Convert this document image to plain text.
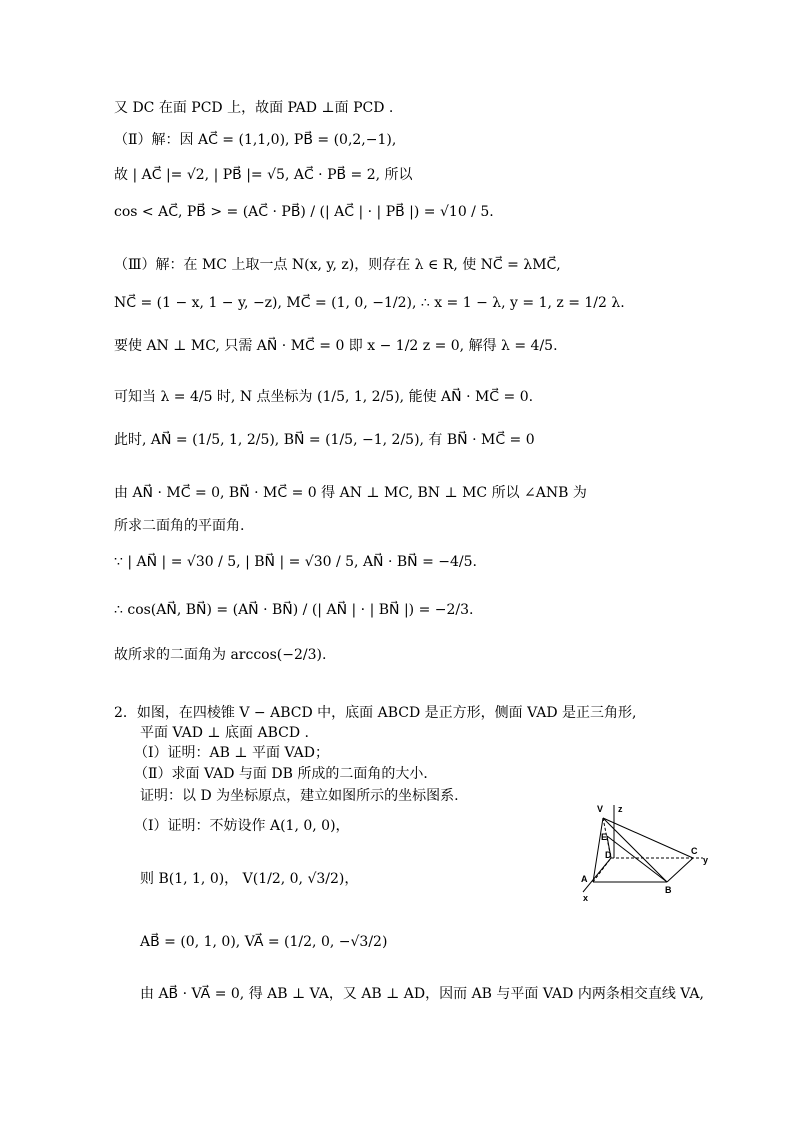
又 DC 在面 PCD 上，故面 PAD ⊥面 PCD .
（Ⅱ）解：因 AC⃗ = (1,1,0), PB⃗ = (0,2,−1),
故 | AC⃗ |= √2, | PB⃗ |= √5, AC⃗ · PB⃗ = 2, 所以
cos < AC⃗, PB⃗ > = (AC⃗ · PB⃗) / (| AC⃗ | · | PB⃗ |) = √10 / 5.
（Ⅲ）解：在 MC 上取一点 N(x, y, z)，则存在 λ ∈ R, 使 NC⃗ = λMC⃗,
NC⃗ = (1 − x, 1 − y, −z), MC⃗ = (1, 0, −1/2), ∴ x = 1 − λ, y = 1, z = 1/2 λ.
要使 AN ⊥ MC, 只需 AN⃗ · MC⃗ = 0 即 x − 1/2 z = 0, 解得 λ = 4/5.
可知当 λ = 4/5 时, N 点坐标为 (1/5, 1, 2/5), 能使 AN⃗ · MC⃗ = 0.
此时, AN⃗ = (1/5, 1, 2/5), BN⃗ = (1/5, −1, 2/5), 有 BN⃗ · MC⃗ = 0
由 AN⃗ · MC⃗ = 0, BN⃗ · MC⃗ = 0 得 AN ⊥ MC, BN ⊥ MC 所以 ∠ANB 为
所求二面角的平面角.
∵ | AN⃗ | = √30 / 5, | BN⃗ | = √30 / 5, AN⃗ · BN⃗ = −4/5.
∴ cos(AN⃗, BN⃗) = (AN⃗ · BN⃗) / (| AN⃗ | · | BN⃗ |) = −2/3.
故所求的二面角为 arccos(−2/3).
2．如图，在四棱锥 V − ABCD 中，底面 ABCD 是正方形，侧面 VAD 是正三角形,
平面 VAD ⊥ 底面 ABCD .
（Ⅰ）证明：AB ⊥ 平面 VAD；
（Ⅱ）求面 VAD 与面 DB 所成的二面角的大小．
证明：以 D 为坐标原点，建立如图所示的坐标图系.
（Ⅰ）证明：不妨设作 A(1, 0, 0)，
则 B(1, 1, 0)， V(1/2, 0, √3/2)，
AB⃗ = (0, 1, 0), VA⃗ = (1/2, 0, −√3/2)
由 AB⃗ · VA⃗ = 0, 得 AB ⊥ VA，又 AB ⊥ AD，因而 AB 与平面 VAD 内两条相交直线 VA,
V z
E
D	C
y
A
B
x
